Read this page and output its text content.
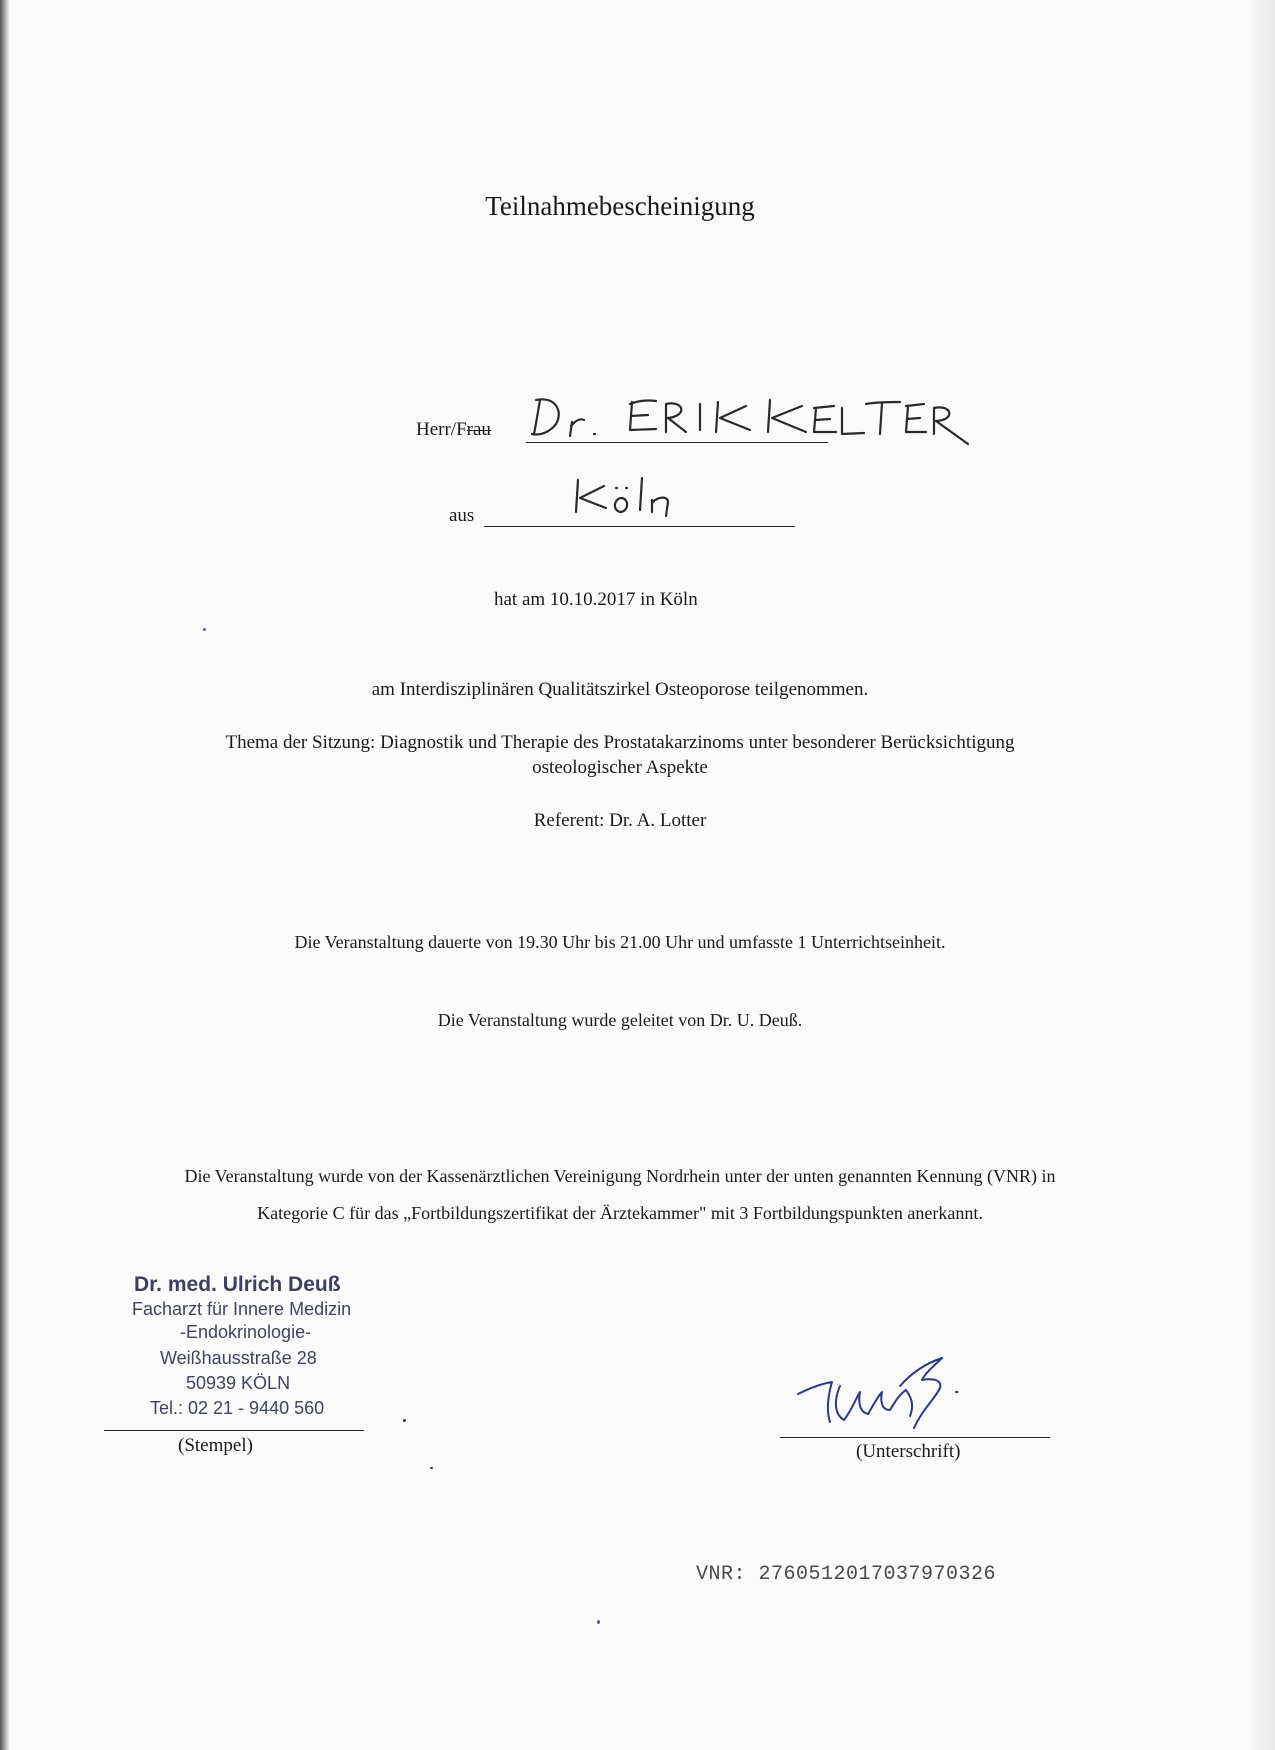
Teilnahmebescheinigung
Herr/Frau
aus
hat am 10.10.2017 in Köln
am Interdisziplinären Qualitätszirkel Osteoporose teilgenommen.
Thema der Sitzung: Diagnostik und Therapie des Prostatakarzinoms unter besonderer Berücksichtigung
osteologischer Aspekte
Referent: Dr. A. Lotter
Die Veranstaltung dauerte von 19.30 Uhr bis 21.00 Uhr und umfasste 1 Unterrichtseinheit.
Die Veranstaltung wurde geleitet von Dr. U. Deuß.
Die Veranstaltung wurde von der Kassenärztlichen Vereinigung Nordrhein unter der unten genannten Kennung (VNR) in
Kategorie C für das „Fortbildungszertifikat der Ärztekammer" mit 3 Fortbildungspunkten anerkannt.
Dr. med. Ulrich Deuß
Facharzt für Innere Medizin
-Endokrinologie-
Weißhausstraße 28
50939 KÖLN
Tel.: 02 21 - 9440 560
(Stempel)	(Unterschrift)
VNR: 2760512017037970326
